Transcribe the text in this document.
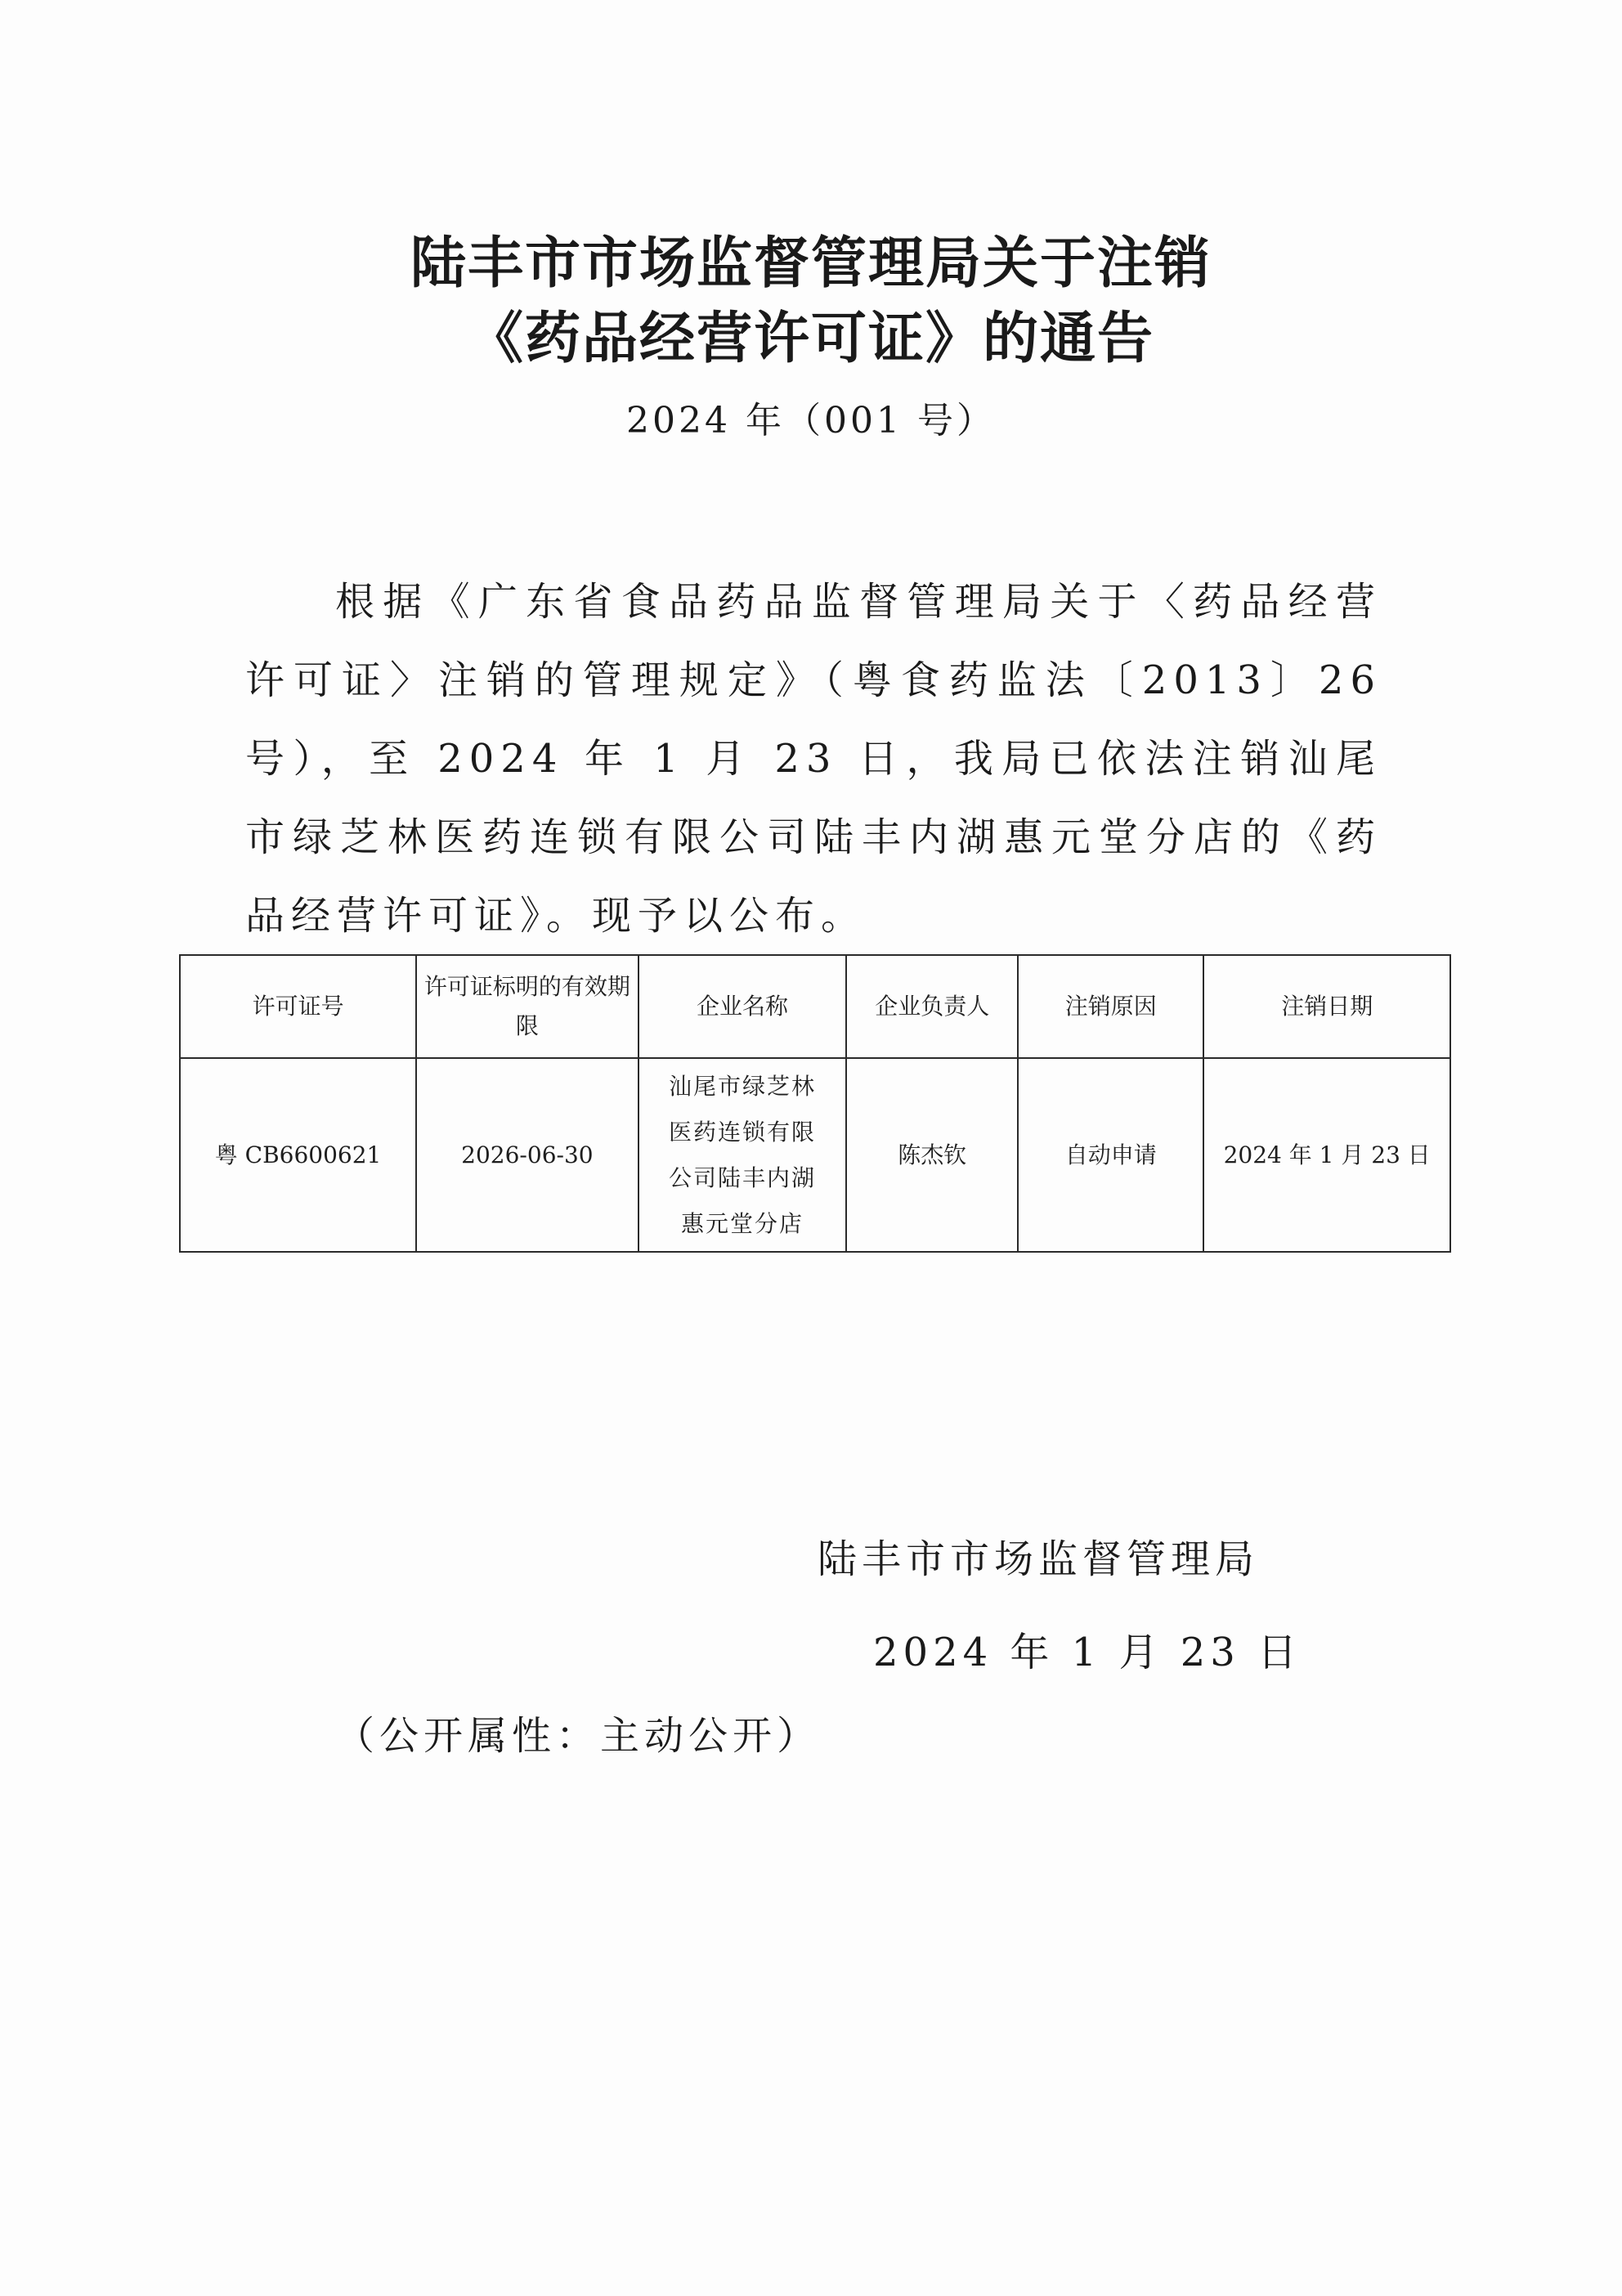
陆丰市市场监督管理局关于注销
《药品经营许可证》的通告
2024 年（001 号）
根据《广东省食品药品监督管理局关于〈药品经营许可证〉注销的管理规定》（粤食药监法〔2013〕26 号），至 2024 年 1 月 23 日，我局已依法注销汕尾市绿芝林医药连锁有限公司陆丰内湖惠元堂分店的《药品经营许可证》。现予以公布。
许可证号	许可证标明的有效期限	企业名称	企业负责人	注销原因	注销日期
粤 CB6600621	2026-06-30	汕尾市绿芝林医药连锁有限公司陆丰内湖惠元堂分店	陈杰钦	自动申请	2024 年 1 月 23 日
陆丰市市场监督管理局
2024 年 1 月 23 日
（公开属性：主动公开）
